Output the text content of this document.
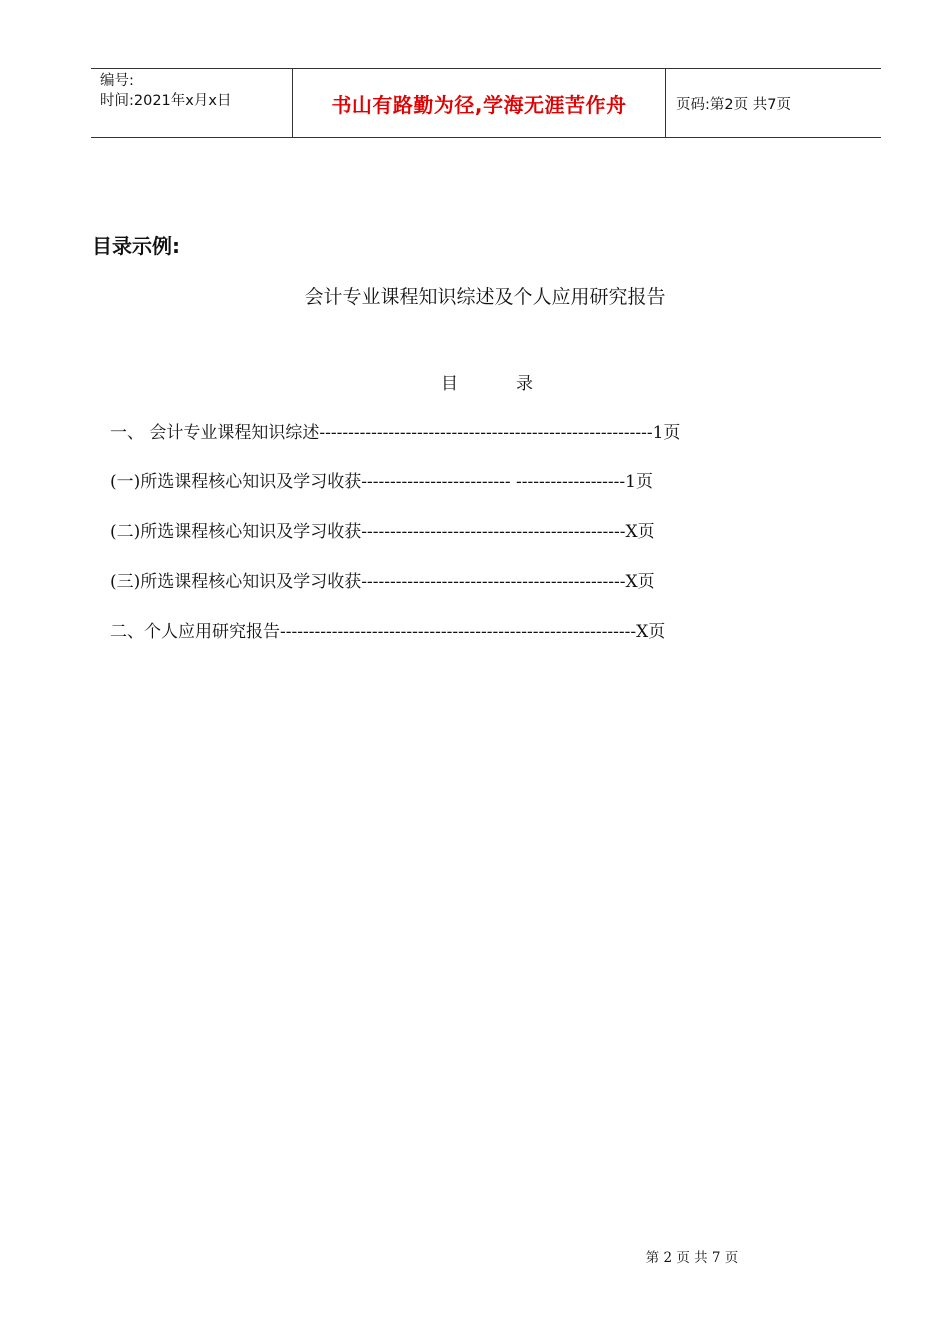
编号:
时间:2021年x月x日	书山有路勤为径,学海无涯苦作舟	页码:第2页 共7页
目录示例:
会计专业课程知识综述及个人应用研究报告
目	录
一、 会计专业课程知识综述----------------------------------------------------------1页
(一)所选课程核心知识及学习收获-------------------------- -------------------1页
(二)所选课程核心知识及学习收获----------------------------------------------X页
(三)所选课程核心知识及学习收获----------------------------------------------X页
二、个人应用研究报告--------------------------------------------------------------X页
第 2 页 共 7 页
